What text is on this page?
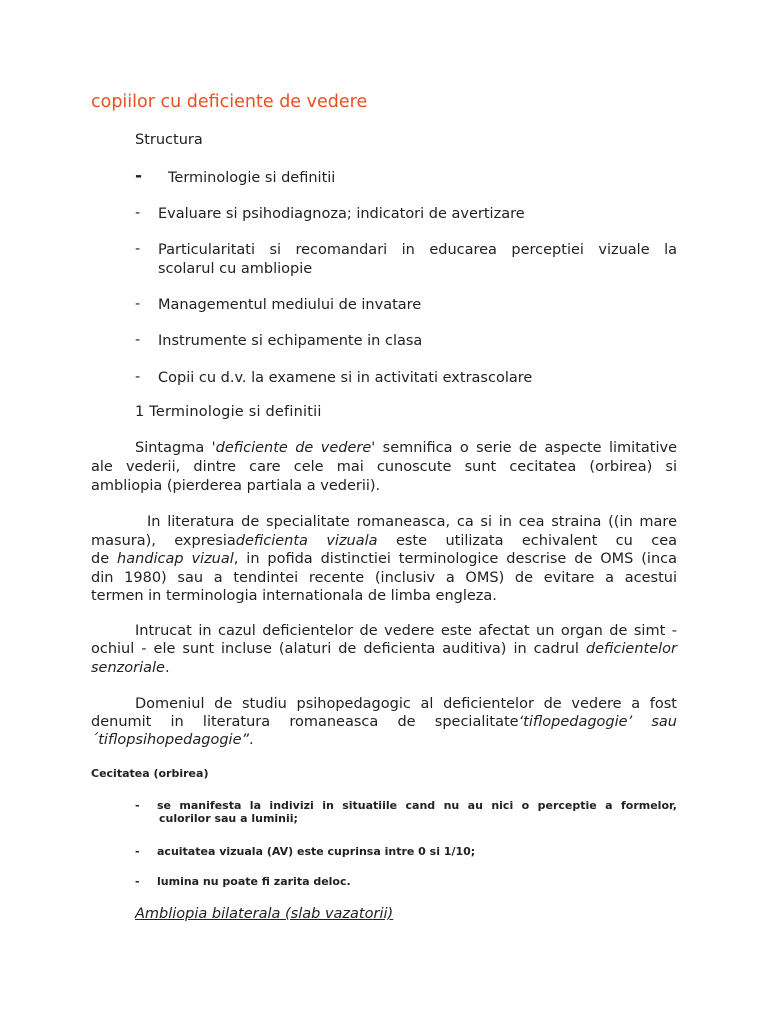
copiilor cu deficiente de vedere
Structura
- Terminologie si definitii
- Evaluare si psihodiagnoza; indicatori de avertizare
- Particularitati si recomandari in educarea perceptiei vizuale la
scolarul cu ambliopie
- Managementul mediului de invatare
- Instrumente si echipamente in clasa
- Copii cu d.v. la examene si in activitati extrascolare
1 Terminologie si definitii
Sintagma 'deficiente de vedere' semnifica o serie de aspecte limitative
ale vederii, dintre care cele mai cunoscute sunt cecitatea (orbirea) si
ambliopia (pierderea partiala a vederii).
In literatura de specialitate romaneasca, ca si in cea straina ((in mare
masura), expresiadeficienta vizuala este utilizata echivalent cu cea
de handicap vizual, in pofida distinctiei terminologice descrise de OMS (inca
din 1980) sau a tendintei recente (inclusiv a OMS) de evitare a acestui
termen in terminologia internationala de limba engleza.
Intrucat in cazul deficientelor de vedere este afectat un organ de simt -
ochiul - ele sunt incluse (alaturi de deficienta auditiva) in cadrul deficientelor
senzoriale.
Domeniul de studiu psihopedagogic al deficientelor de vedere a fost
denumit in literatura romaneasca de specialitate‘tiflopedagogie’ sau
´tiflopsihopedagogie”.
Cecitatea (orbirea)
- se manifesta la indivizi in situatiile cand nu au nici o perceptie a formelor,
culorilor sau a luminii;
- acuitatea vizuala (AV) este cuprinsa intre 0 si 1/10;
- lumina nu poate fi zarita deloc.
Ambliopia bilaterala (slab vazatorii)
